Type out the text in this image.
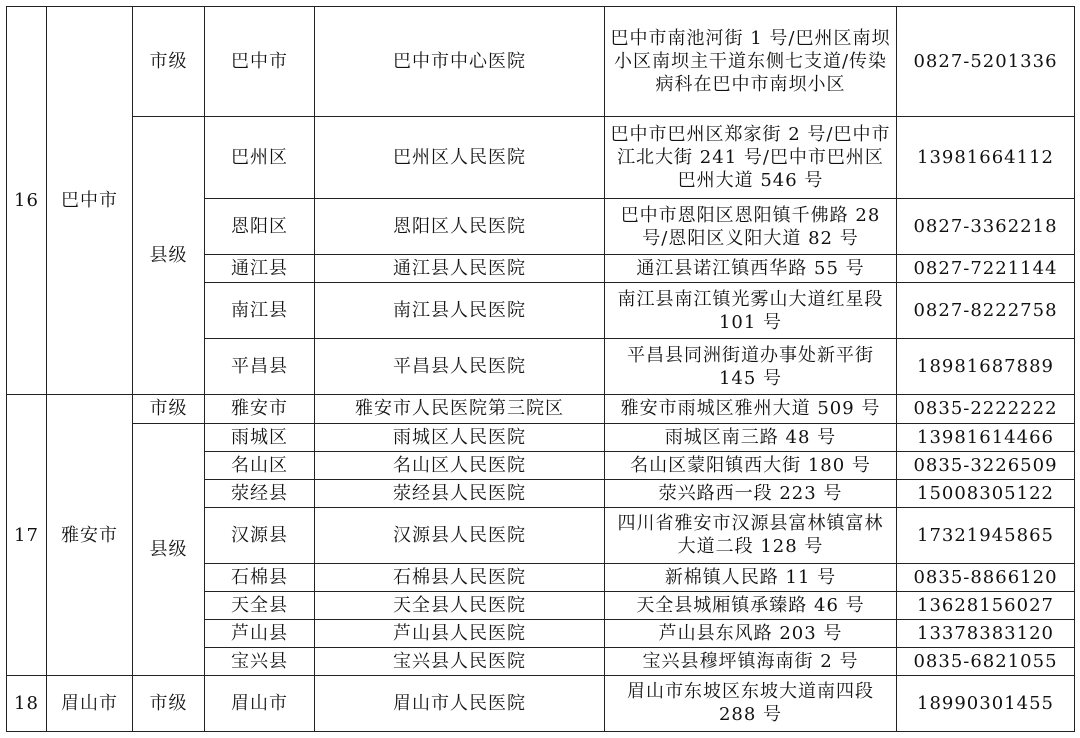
16	巴中市	市级	巴中市	巴中市中心医院	巴中市南池河街 1 号/巴州区南坝小区南坝主干道东侧七支道/传染病科在巴中市南坝小区	0827-5201336
		县级	巴州区	巴州区人民医院	巴中市巴州区郑家街 2 号/巴中市江北大街 241 号/巴中市巴州区巴州大道 546 号	13981664112
			恩阳区	恩阳区人民医院	巴中市恩阳区恩阳镇千佛路 28 号/恩阳区义阳大道 82 号	0827-3362218
			通江县	通江县人民医院	通江县诺江镇西华路 55 号	0827-7221144
			南江县	南江县人民医院	南江县南江镇光雾山大道红星段 101 号	0827-8222758
			平昌县	平昌县人民医院	平昌县同洲街道办事处新平街 145 号	18981687889
17	雅安市	市级	雅安市	雅安市人民医院第三院区	雅安市雨城区雅州大道 509 号	0835-2222222
		县级	雨城区	雨城区人民医院	雨城区南三路 48 号	13981614466
			名山区	名山区人民医院	名山区蒙阳镇西大街 180 号	0835-3226509
			荥经县	荥经县人民医院	荥兴路西一段 223 号	15008305122
			汉源县	汉源县人民医院	四川省雅安市汉源县富林镇富林大道二段 128 号	17321945865
			石棉县	石棉县人民医院	新棉镇人民路 11 号	0835-8866120
			天全县	天全县人民医院	天全县城厢镇承臻路 46 号	13628156027
			芦山县	芦山县人民医院	芦山县东风路 203 号	13378383120
			宝兴县	宝兴县人民医院	宝兴县穆坪镇海南街 2 号	0835-6821055
18	眉山市	市级	眉山市	眉山市人民医院	眉山市东坡区东坡大道南四段 288 号	18990301455
